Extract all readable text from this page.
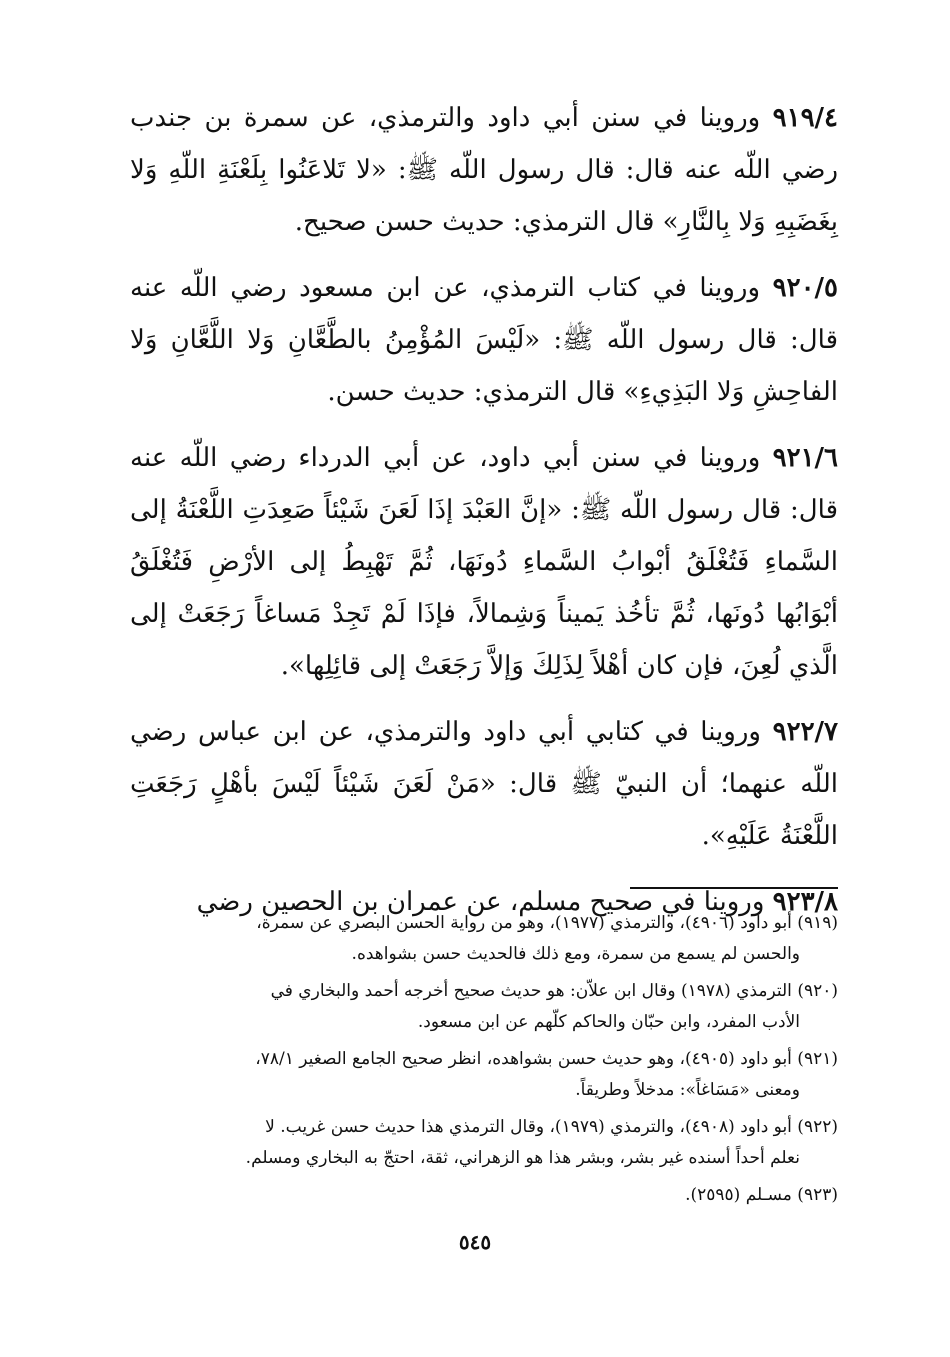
٩١٩/٤ وروينا في سنن أبي داود والترمذي، عن سمرة بن جندب رضي اللّه عنه قال: قال رسول اللّه ﷺ: «لا تَلاعَنُوا بِلَعْنَةِ اللّهِ وَلا بِغَضَبِهِ وَلا بِالنَّارِ» قال الترمذي: حديث حسن صحيح.

٩٢٠/٥ وروينا في كتاب الترمذي، عن ابن مسعود رضي اللّه عنه قال: قال رسول اللّه ﷺ: «لَيْسَ المُؤْمِنُ بالطَّعَّانِ وَلا اللَّعَّانِ وَلا الفاحِشِ وَلا البَذِيءِ» قال الترمذي: حديث حسن.

٩٢١/٦ وروينا في سنن أبي داود، عن أبي الدرداء رضي اللّه عنه قال: قال رسول اللّه ﷺ: «إنَّ العَبْدَ إذَا لَعَنَ شَيْئاً صَعِدَتِ اللَّعْنَةُ إلى السَّماءِ فَتُغْلَقُ أبْوابُ السَّماءِ دُونَهَا، ثُمَّ تَهْبِطُ إلى الأرْضِ فَتُغْلَقُ أبْوَابُها دُونَها، ثُمَّ تأخُذ يَميناً وَشِمالاً، فإذَا لَمْ تَجِدْ مَساغاً رَجَعَتْ إلى الَّذي لُعِنَ، فإن كان أهْلاً لِذَلِكَ وَإلاَّ رَجَعَتْ إلى قائِلِها».

٩٢٢/٧ وروينا في كتابي أبي داود والترمذي، عن ابن عباس رضي اللّه عنهما؛ أن النبيّ ﷺ قال: «مَنْ لَعَنَ شَيْئاً لَيْسَ بأهْلٍ رَجَعَتِ اللَّعْنَةُ عَلَيْهِ».

٩٢٣/٨ وروينا في صحيح مسلم، عن عمران بن الحصين رضي

(٩١٩) أبو داود (٤٩٠٦)، والترمذي (١٩٧٧)، وهو من رواية الحسن البصري عن سمرة،
والحسن لم يسمع من سمرة، ومع ذلك فالحديث حسن بشواهده.

(٩٢٠) الترمذي (١٩٧٨) وقال ابن علاّن: هو حديث صحيح أخرجه أحمد والبخاري في
الأدب المفرد، وابن حبّان والحاكم كلّهم عن ابن مسعود.

(٩٢١) أبو داود (٤٩٠٥)، وهو حديث حسن بشواهده، انظر صحيح الجامع الصغير ٧٨/١،
ومعنى «مَسَاغاً»: مدخلاً وطريقاً.

(٩٢٢) أبو داود (٤٩٠٨)، والترمذي (١٩٧٩)، وقال الترمذي هذا حديث حسن غريب. لا
نعلم أحداً أسنده غير بشر، وبشر هذا هو الزهراني، ثقة، احتجّ به البخاري ومسلم.

(٩٢٣) مسـلم (٢٥٩٥).

٥٤٥
